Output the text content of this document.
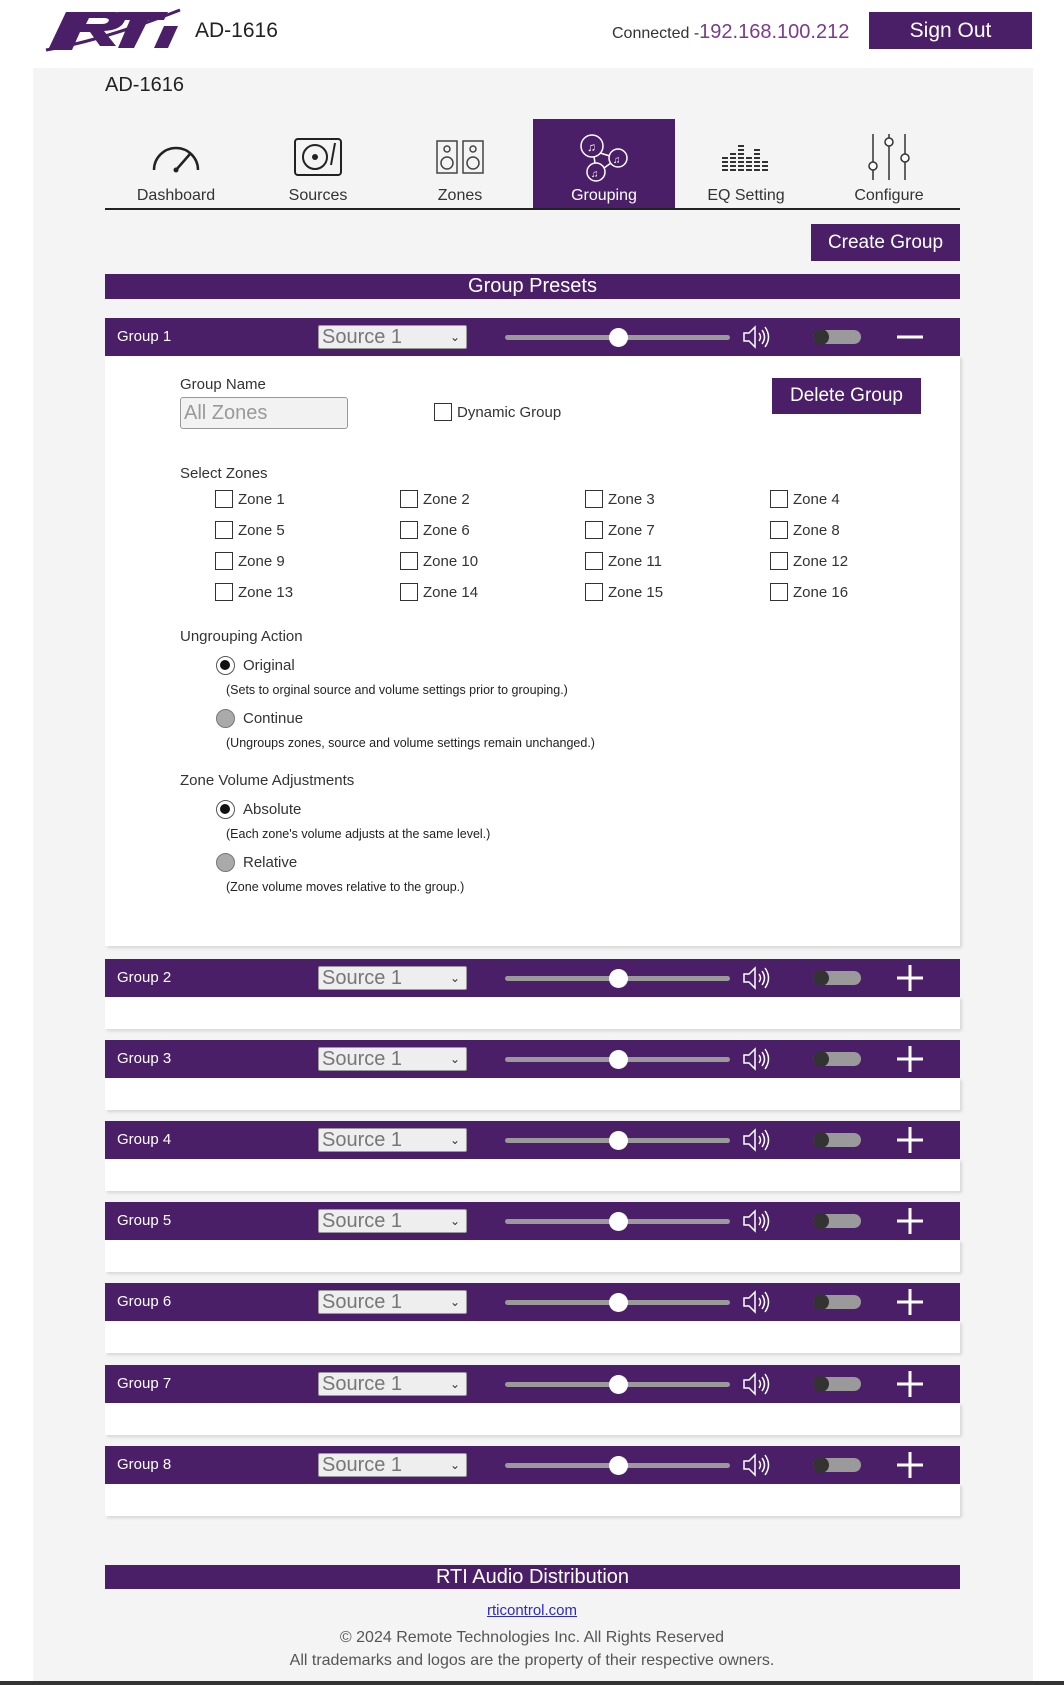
AD-1616	Connected -192.168.100.212	Sign Out
AD-1616
Dashboard	Sources	Zones
♫
♫
♫
Grouping	EQ Setting	Configure
Create Group
Group Presets
Group 1	Source 1	⌄
Group Name
All Zones	Dynamic Group
Delete Group
Select Zones
Zone 1	Zone 2	Zone 3	Zone 4
Zone 5	Zone 6	Zone 7	Zone 8
Zone 9	Zone 10	Zone 11	Zone 12
Zone 13	Zone 14	Zone 15	Zone 16
Ungrouping Action
Original
(Sets to orginal source and volume settings prior to grouping.)
Continue
(Ungroups zones, source and volume settings remain unchanged.)
Zone Volume Adjustments
Absolute
(Each zone's volume adjusts at the same level.)
Relative
(Zone volume moves relative to the group.)
Group 2	Source 1	⌄
Group 3	Source 1	⌄
Group 4	Source 1	⌄
Group 5	Source 1	⌄
Group 6	Source 1	⌄
Group 7	Source 1	⌄
Group 8	Source 1	⌄
RTI Audio Distribution
rticontrol.com
© 2024 Remote Technologies Inc. All Rights Reserved
All trademarks and logos are the property of their respective owners.
